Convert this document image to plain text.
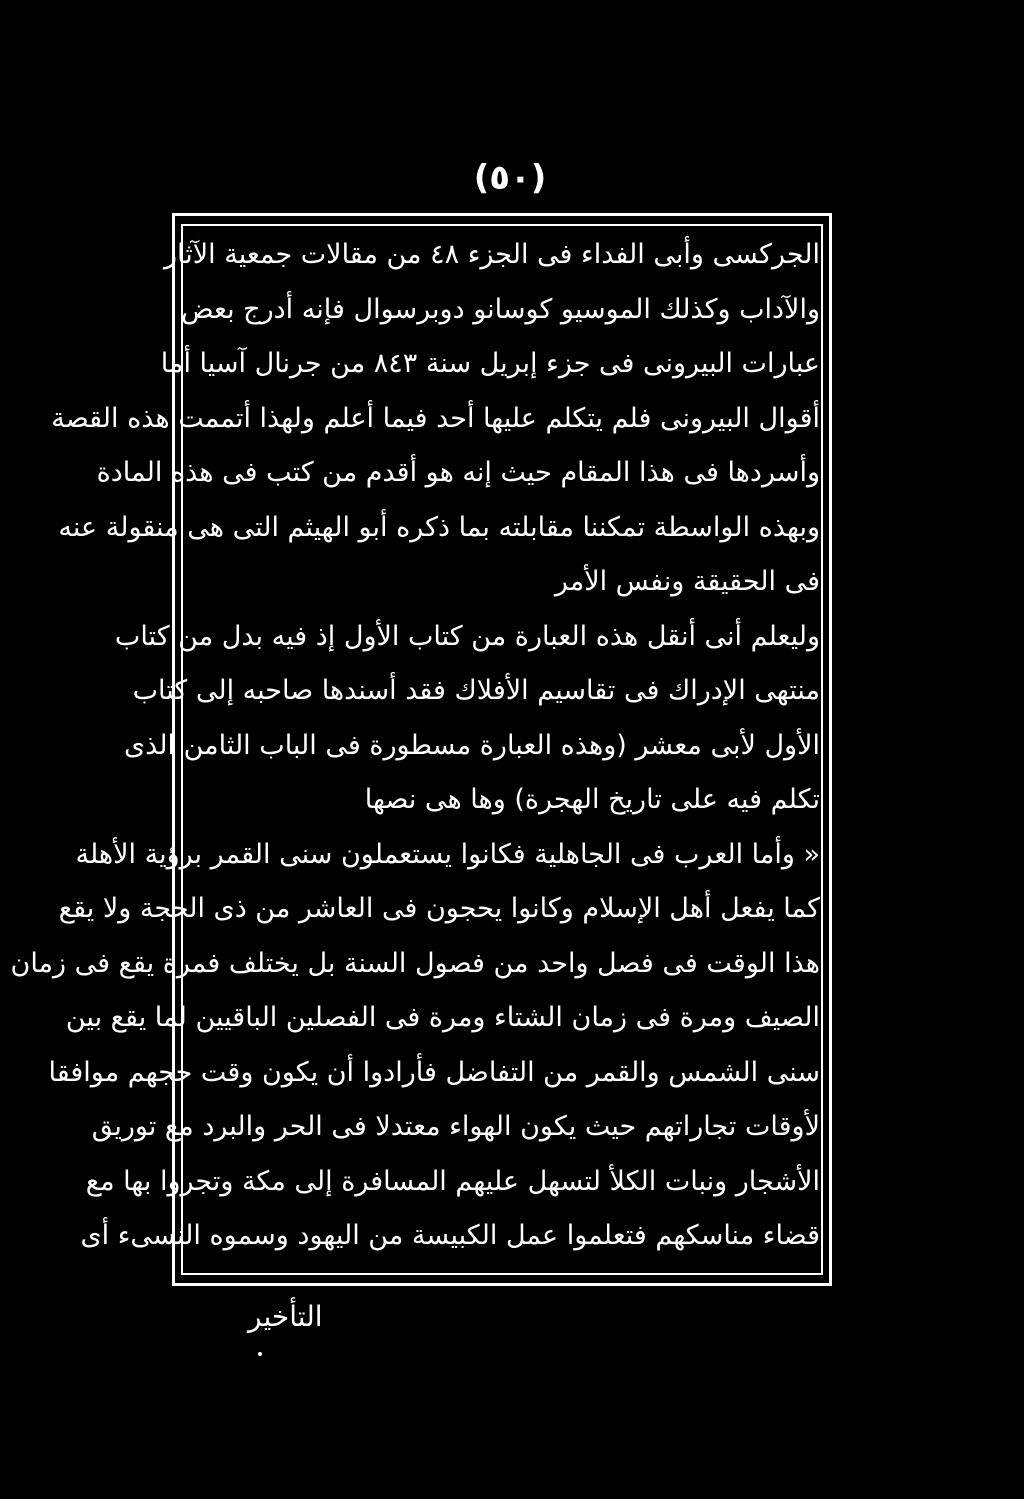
(٥٠)
الجركسى وأبى الفداء فى الجزء ٤٨ من مقالات جمعية الآثار
والآداب وكذلك الموسيو كوسانو دوبرسوال فإنه أدرج بعض
عبارات البيرونى فى جزء إبريل سنة ٨٤٣ من جرنال آسيا أما
أقوال البيرونى فلم يتكلم عليها أحد فيما أعلم ولهذا أتممت هذه القصة
وأسردها فى هذا المقام حيث إنه هو أقدم من كتب فى هذه المادة
وبهذه الواسطة تمكننا مقابلته بما ذكره أبو الهيثم التى هى منقولة عنه
فى الحقيقة ونفس الأمر
وليعلم أنى أنقل هذه العبارة من كتاب الأول إذ فيه بدل من كتاب
منتهى الإدراك فى تقاسيم الأفلاك فقد أسندها صاحبه إلى كتاب
الأول لأبى معشر (وهذه العبارة مسطورة فى الباب الثامن الذى
تكلم فيه على تاريخ الهجرة) وها هى نصها
« وأما العرب فى الجاهلية فكانوا يستعملون سنى القمر برؤية الأهلة
كما يفعل أهل الإسلام وكانوا يحجون فى العاشر من ذى الحجة ولا يقع
هذا الوقت فى فصل واحد من فصول السنة بل يختلف فمرة يقع فى زمان
الصيف ومرة فى زمان الشتاء ومرة فى الفصلين الباقيين لما يقع بين
سنى الشمس والقمر من التفاضل فأرادوا أن يكون وقت حجهم موافقا
لأوقات تجاراتهم حيث يكون الهواء معتدلا فى الحر والبرد مع توريق
الأشجار ونبات الكلأ لتسهل عليهم المسافرة إلى مكة وتجروا بها مع
قضاء مناسكهم فتعلموا عمل الكبيسة من اليهود وسموه النسىء أى
التأخير
